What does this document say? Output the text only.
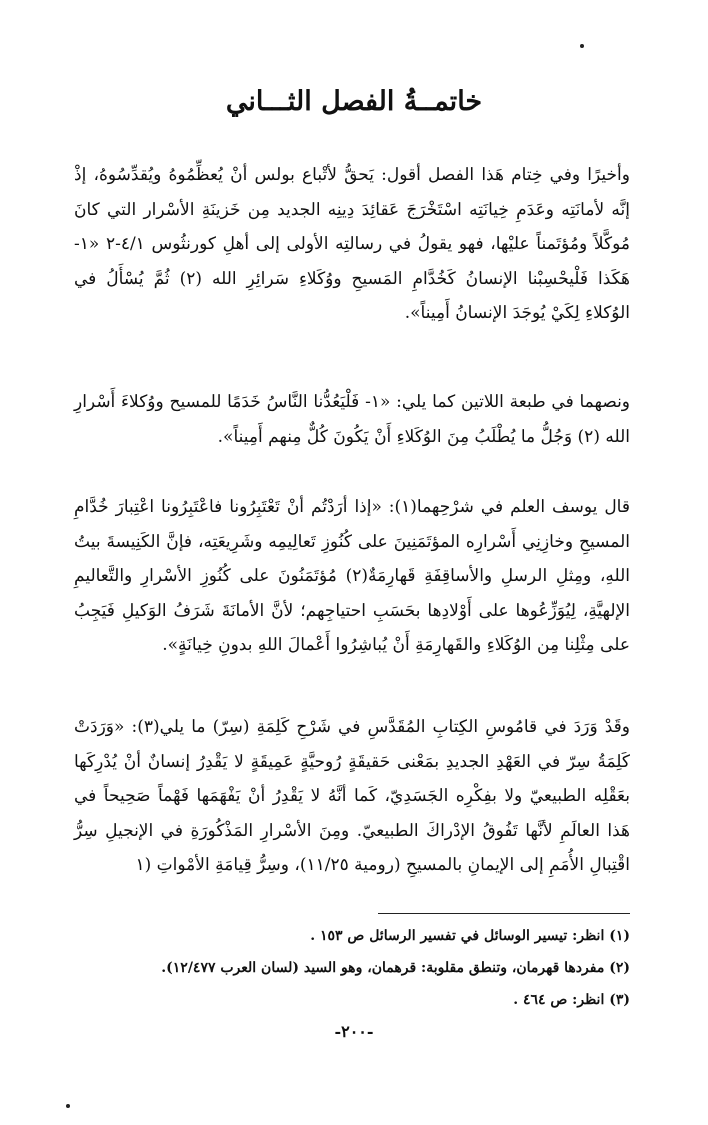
خاتمــةُ الفصل الثـــاني

وأخيرًا وفي خِتام هَذا الفصل أقول: يَحقُّ لأتْباع بولس أنْ يُعظِّمُوهُ ويُقدِّسُوهُ، إذْ إنَّه لأمانَتِه وعَدَمِ خِيانَتِه اسْتَخْرَجَ عَقائِدَ دِينِه الجديد مِن خَزينَةِ الأسْرار التي كانَ مُوكَّلاً ومُؤتَمناً عليْها، فهو يقولُ في رسالتِه الأولى إلى أهلِ كورنثُوس ٤/١-٢ «١- هَكَذا فَلْيحْسِبْنا الإنسانُ كَخُدَّامِ المَسيحِ ووُكَلاءِ سَرائِرِ الله (٢) ثُمَّ يُسْأَلُ في الوُكلاءِ لِكَيْ يُوجَدَ الإنسانُ أَمِيناً».

ونصهما في طبعة اللاتين كما يلي: «١- فَلْيَعُدُّنا النَّاسُ خَدَمًا للمسيح ووُكلاءَ أَسْرارِ الله (٢) وَجُلُّ ما يُطْلَبُ مِنَ الوُكَلاءِ أَنْ يَكُونَ كُلٌّ مِنهم أَمِيناً».

قال يوسف العلم في شرْحِهما(١): «إذا أرَدْتُم أنْ تَعْتَبِرُونا فاعْتَبِرُونا اعْتِبارَ خُدَّامِ المسيحِ وخازِنِي أَسْرارِه المؤتَمَنِينَ على كُنُوزِ تَعالِيمِه وشَرِيعَتِه، فإنَّ الكَنِيسةَ بيتُ اللهِ، ومِثلِ الرسلِ والأساقِفَةِ قَهارِمَةٌ(٢) مُؤتَمَنُونَ على كُنُوزِ الأسْرارِ والتَّعاليمِ الإلهيَّةِ، لِيُوَزِّعُوها على أَوْلادِها بحَسَبِ احتياجِهم؛ لأنَّ الأمانَةَ شَرَفُ الوَكيلِ فَيَجِبُ على مِثْلِنا مِن الوُكَلاءِ والقَهارِمَةِ أَنْ يُباشِرُوا أَعْمالَ اللهِ بدونِ خِيانَةٍ».

وقَدْ وَرَدَ في قامُوسِ الكِتابِ المُقَدَّسِ في شَرْحِ كَلِمَةِ (سِرّ) ما يلي(٣): «وَرَدَتْ كَلِمَةُ سِرّ في العَهْدِ الجديدِ بمَعْنى حَقيقَةٍ رُوحيَّةٍ عَمِيقَةٍ لا يَقْدِرُ إنسانٌ أنْ يُدْرِكَها بعَقْلِه الطبيعيّ ولا بفِكْرِه الجَسَدِيّ، كَما أنَّهُ لا يَقْدِرُ أنْ يَفْهَمَها فَهْماً صَحِيحاً في هَذا العالَمِ لأنَّها تَفُوقُ الإدْراكَ الطبيعيّ. ومِنَ الأسْرارِ المَذْكُورَةِ في الإنجيلِ سِرُّ اقْتِبالِ الأُمَمِ إلى الإيمانِ بالمسيحِ (رومية ١١/٢٥)، وسِرُّ قِيامَةِ الأمْواتِ (١

(١) انظر: تيسير الوسائل في تفسير الرسائل ص ١٥٣ .
(٢) مفردها قهرمان، وتنطق مقلوبة: قرهمان، وهو السيد (لسان العرب ١٢/٤٧٧).
(٣) انظر: ص ٤٦٤ .
-٢٠٠-
